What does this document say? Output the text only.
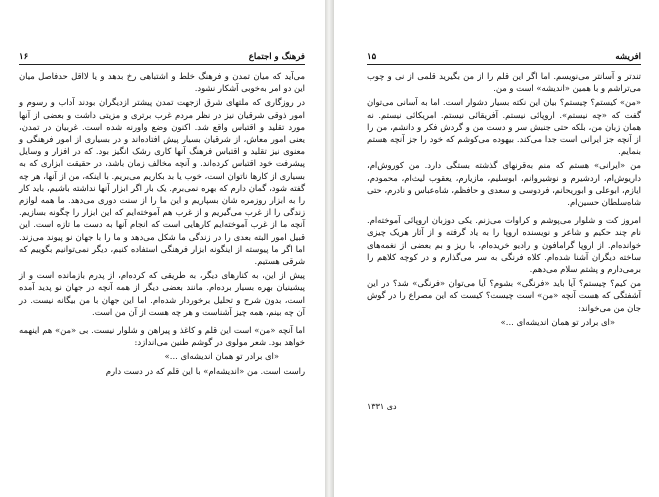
فرهنگ و اجتماع
۱۶

می‌آید که میان تمدن و فرهنگ خلط و اشتباهی رخ بدهد و یا لااقل حدفاصل میان این دو امر به‌خوبی آشکار نشود.

در روزگاری که ملتهای شرق ازجهت تمدن پیشتر ازدیگران بودند آداب و رسوم و امور ذوقی شرقیان نیز در نظر مردم غرب برتری و مزیتی داشت و بعضی از آنها مورد تقلید و اقتباس واقع شد. اکنون وضع واورنه شده است. غربیان در تمدن، یعنی امور معاش، از شرقیان بسیار پیش افتاده‌اند و در بسیاری از امور فرهنگی و معنوی نیز تقلید و اقتباس فرهنگ آنها کاری رشک انگیز بود. که در افزار و وسایل پیشرفت خود اقتباس کرده‌اند. و آنچه مخالف زمان باشد، در حقیقت ابزاری که به بسیاری از کارها ناتوان است، خوب یا بد بکاریم می‌بریم. با اینکه، من از آنها، هر چه گفته شود، گمان دارم که بهره نمی‌برم. یک بار اگر ابزار آنها نداشته باشیم، باید کار را به ابزار روزمره شان بسپاریم و این ما را از سنت دوری می‌دهد. ما همه لوازم زندگی را از غرب می‌گیریم و از غرب هم آموخته‌ایم که این ابزار را چگونه بسازیم. آنچه ما از غرب آموخته‌ایم کارهایی است که انجام آنها به دست ما تازه است. این قبیل امور البته بعدی را در زندگی ما شکل می‌دهد و ما را با جهان نو پیوند می‌زند. اما اگر ما پیوسته از اینگونه ابزار فرهنگی استفاده کنیم، دیگر نمی‌توانیم بگوییم که شرقی هستیم.

پیش از این، به کنارهای دیگر، به طریقی که کرده‌ام، از پدرم بازمانده است و از پیشینیان بهره بسیار برده‌ام. مانند بعضی دیگر از همه آنچه در جهان نو پدید آمده است، بدون شرح و تحلیل برخوردار شده‌ام. اما این جهان با من بیگانه نیست. در آن چه بینم، همه چیز آشناست و هر چه هست از آن من است.

اما آنچه «من» است این قلم و کاغذ و پیراهن و شلوار نیست. بی «من» هم اینهمه خواهد بود. شعر مولوی در گوشم طنین می‌اندازد:

«ای برادر تو همان اندیشه‌ای ...»

راست است. من «اندیشه‌ام» با این قلم که در دست دارم

افریشه
۱۵

تندتر و آسانتر می‌نویسم. اما اگر این قلم را از من بگیرید قلمی از نی و چوب می‌تراشم و با همین «اندیشه» است و من.

«من» کیستم؟ چیستم؟ بیان این نکته بسیار دشوار است. اما به آسانی می‌توان گفت که «چه نیستم». اروپائی نیستم. آفریقائی نیستم. امریکائی نیستم. نه همان زبان من، بلکه حتی جنبش سر و دست من و گردش فکر و دانشم، من را از آنچه جز ایرانی است جدا می‌کند. بیهوده می‌کوشم که خود را جز آنچه هستم بنمایم.

من «ایرانی» هستم که منم به‌قرنهای گذشته بستگی دارد. من کوروش‌ام، داریوش‌ام، اردشیرم و نوشیروانم، ابوسلیم، مازیارم، یعقوب لیث‌ام، محمودم، ایازم، ابوعلی و ابوریحانم، فردوسی و سعدی و حافظم، شاه‌عباس و نادرم، حتی شاه‌سلطان حسین‌ام.

امروز کت و شلوار می‌پوشم و کراوات می‌زنم. یکی دوزبان اروپائی آموخته‌ام. نام چند حکیم و شاعر و نویسنده اروپا را به یاد گرفته و از آثار هریک چیزی خوانده‌ام. از اروپا گرامافون و رادیو خریده‌ام، با ریز و بم بعضی از نغمه‌های ساخته دیگران آشنا شده‌ام. کلاه فرنگی به سر می‌گذارم و در کوچه کلاهم را برمی‌دارم و پشتم سلام می‌دهم.

من کیم؟ چیستم؟ آیا باید «فرنگی» بشوم؟ آیا می‌توان «فرنگی» شد؟ در این آشفتگی که هست آنچه «من» است چیست؟ کیست که این مصراع را در گوش جان من می‌خواند:

«ای برادر تو همان اندیشه‌ای ...»

دی ۱۳۳۱
